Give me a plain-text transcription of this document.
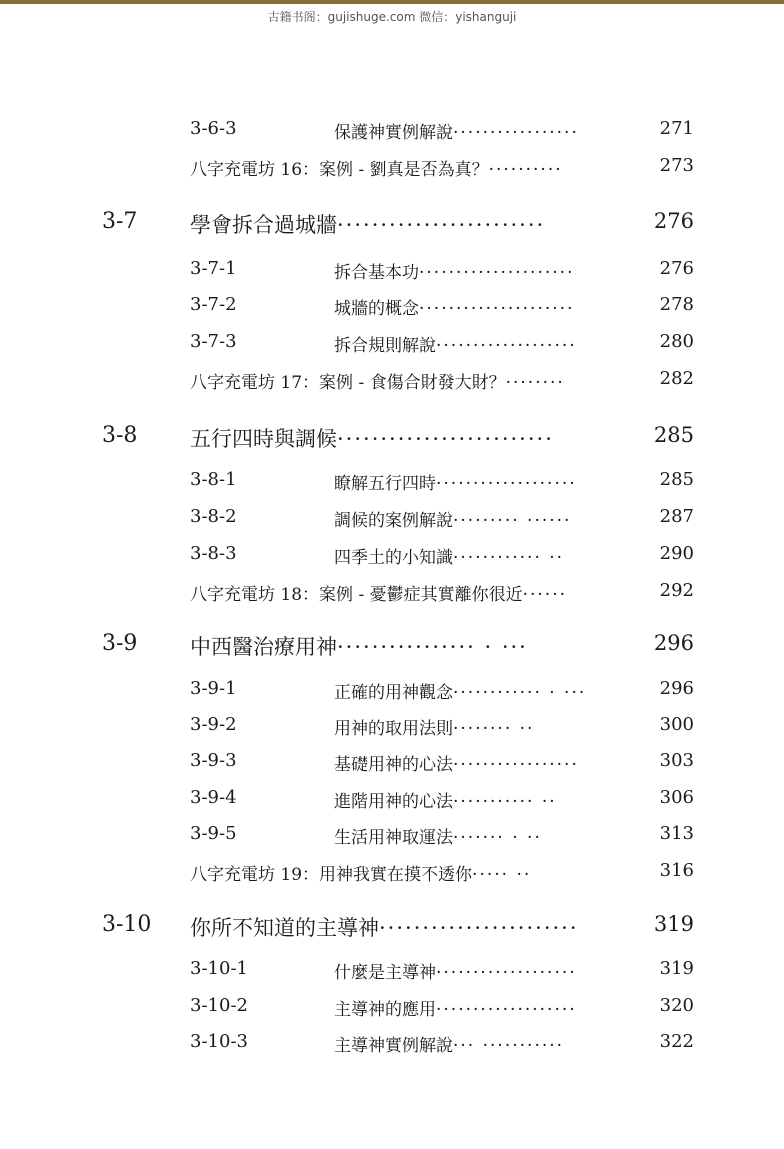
古籍书阁：gujishuge.com 微信：yishanguji
3-6-3	保護神實例解說·················	271
八字充電坊 16：案例 - 劉真是否為真？··········	273
3-7	學會拆合過城牆························	276
3-7-1	拆合基本功·····················	276
3-7-2	城牆的概念·····················	278
3-7-3	拆合規則解說···················	280
八字充電坊 17：案例 - 食傷合財發大財？········	282
3-8	五行四時與調候·························	285
3-8-1	瞭解五行四時···················	285
3-8-2	調候的案例解說········· ······	287
3-8-3	四季土的小知識············ ··	290
八字充電坊 18：案例 - 憂鬱症其實離你很近······	292
3-9	中西醫治療用神················ · ···	296
3-9-1	正確的用神觀念············ · ···	296
3-9-2	用神的取用法則········ ··	300
3-9-3	基礎用神的心法·················	303
3-9-4	進階用神的心法··········· ··	306
3-9-5	生活用神取運法······· · ··	313
八字充電坊 19：用神我實在摸不透你····· ··	316
3-10 你所不知道的主導神·······················	319
3-10-1	什麼是主導神···················	319
3-10-2	主導神的應用···················	320
3-10-3	主導神實例解說··· ···········	322
